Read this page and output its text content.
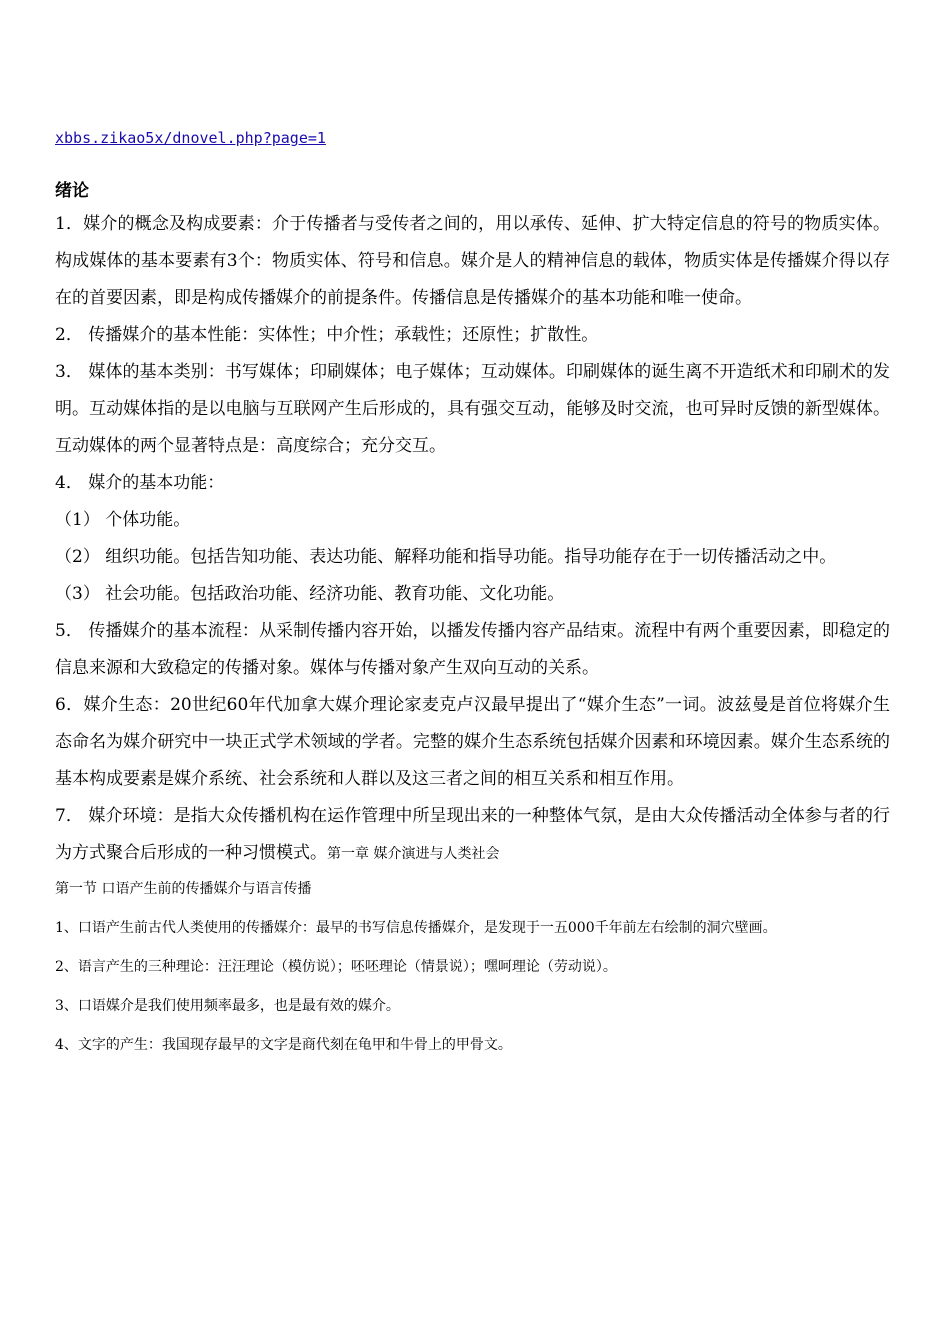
xbbs.zikao5x/dnovel.php?page=1
绪论

1．媒介的概念及构成要素：介于传播者与受传者之间的，用以承传、延伸、扩大特定信息的符号的物质实体。构成媒体的基本要素有3个：物质实体、符号和信息。媒介是人的精神信息的载体，物质实体是传播媒介得以存在的首要因素，即是构成传播媒介的前提条件。传播信息是传播媒介的基本功能和唯一使命。

2． 传播媒介的基本性能：实体性；中介性；承载性；还原性；扩散性。

3． 媒体的基本类别：书写媒体；印刷媒体；电子媒体；互动媒体。印刷媒体的诞生离不开造纸术和印刷术的发明。互动媒体指的是以电脑与互联网产生后形成的，具有强交互动，能够及时交流，也可异时反馈的新型媒体。互动媒体的两个显著特点是：高度综合；充分交互。

4． 媒介的基本功能：

（1） 个体功能。

（2） 组织功能。包括告知功能、表达功能、解释功能和指导功能。指导功能存在于一切传播活动之中。

（3） 社会功能。包括政治功能、经济功能、教育功能、文化功能。

5． 传播媒介的基本流程：从采制传播内容开始，以播发传播内容产品结束。流程中有两个重要因素，即稳定的信息来源和大致稳定的传播对象。媒体与传播对象产生双向互动的关系。

6．媒介生态：20世纪60年代加拿大媒介理论家麦克卢汉最早提出了“媒介生态”一词。波兹曼是首位将媒介生态命名为媒介研究中一块正式学术领域的学者。完整的媒介生态系统包括媒介因素和环境因素。媒介生态系统的基本构成要素是媒介系统、社会系统和人群以及这三者之间的相互关系和相互作用。

7． 媒介环境：是指大众传播机构在运作管理中所呈现出来的一种整体气氛，是由大众传播活动全体参与者的行为方式聚合后形成的一种习惯模式。第一章 媒介演进与人类社会

第一节 口语产生前的传播媒介与语言传播

1、口语产生前古代人类使用的传播媒介：最早的书写信息传播媒介，是发现于一五000千年前左右绘制的洞穴壁画。

2、语言产生的三种理论：汪汪理论（模仿说）；呸呸理论（情景说）；嘿呵理论（劳动说）。

3、口语媒介是我们使用频率最多，也是最有效的媒介。

4、文字的产生：我国现存最早的文字是商代刻在龟甲和牛骨上的甲骨文。
